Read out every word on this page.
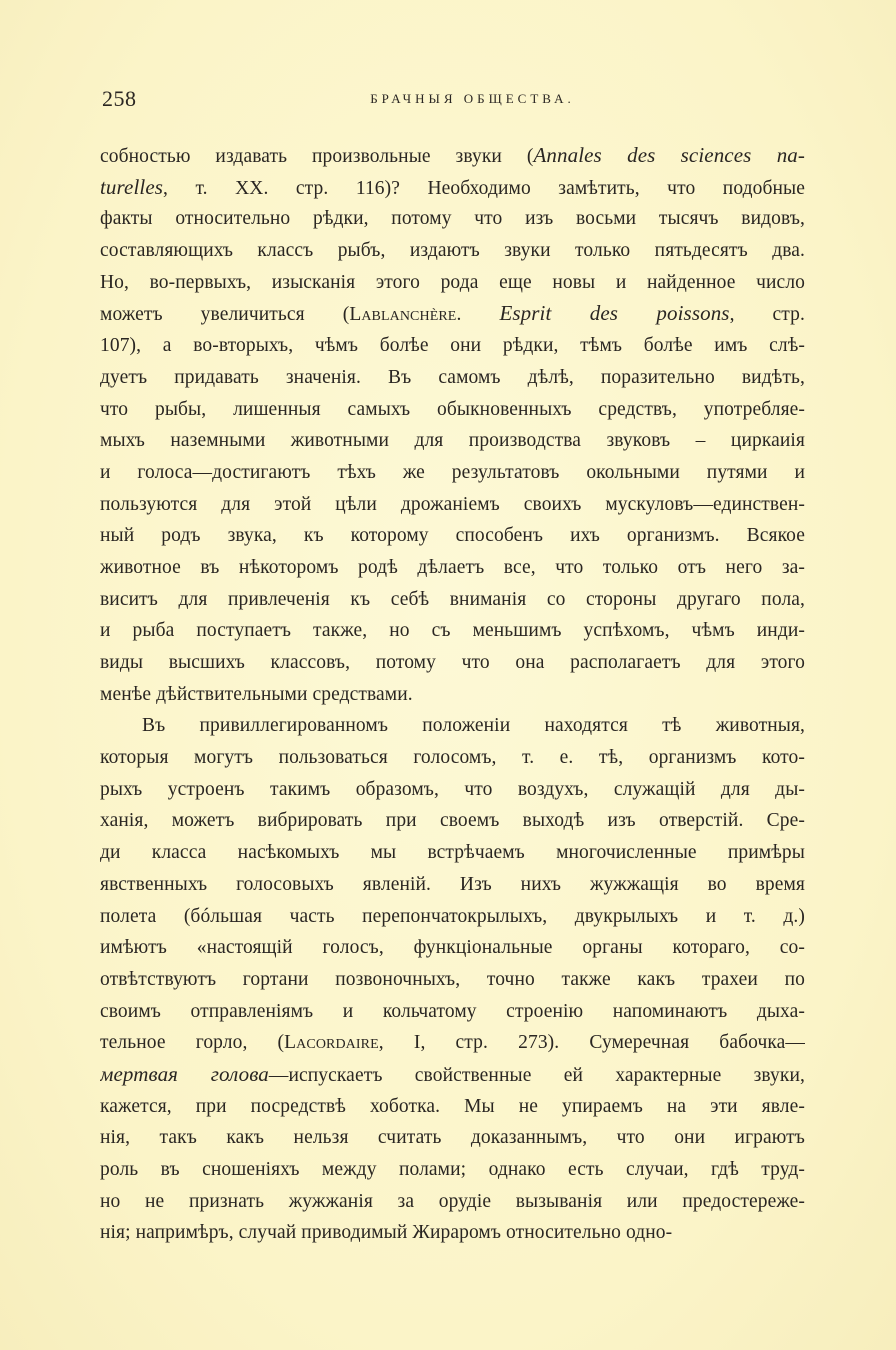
258	БРАЧНЫЯ ОБЩЕСТВА.
собностью издавать произвольные звуки (Annales des sciences na-
turelles, т. XX. стр. 116)? Необходимо замѣтить, что подобные
факты относительно рѣдки, потому что изъ восьми тысячъ видовъ,
составляющихъ классъ рыбъ, издаютъ звуки только пятьдесятъ два.
Но, во-первыхъ, изысканія этого рода еще новы и найденное число
можетъ увеличиться (Lablanchère. Esprit des poissons, стр.
107), а во-вторыхъ, чѣмъ болѣе они рѣдки, тѣмъ болѣе имъ слѣ-
дуетъ придавать значенія. Въ самомъ дѣлѣ, поразительно видѣть,
что рыбы, лишенныя самыхъ обыкновенныхъ средствъ, употребляе-
мыхъ наземными животными для производства звуковъ – циркаиія
и голоса—достигаютъ тѣхъ же результатовъ окольными путями и
пользуются для этой цѣли дрожаніемъ своихъ мускуловъ—единствен-
ный родъ звука, къ которому способенъ ихъ организмъ. Всякое
животное въ нѣкоторомъ родѣ дѣлаетъ все, что только отъ него за-
виситъ для привлеченія къ себѣ вниманія со стороны другаго пола,
и рыба поступаетъ также, но съ меньшимъ успѣхомъ, чѣмъ инди-
виды высшихъ классовъ, потому что она располагаетъ для этого
менѣе дѣйствительными средствами.
Въ привиллегированномъ положеніи находятся тѣ животныя,
которыя могутъ пользоваться голосомъ, т. е. тѣ, организмъ кото-
рыхъ устроенъ такимъ образомъ, что воздухъ, служащій для ды-
ханія, можетъ вибрировать при своемъ выходѣ изъ отверстій. Сре-
ди класса насѣкомыхъ мы встрѣчаемъ многочисленные примѣры
явственныхъ голосовыхъ явленій. Изъ нихъ жужжащія во время
полета (бóльшая часть перепончатокрылыхъ, двукрылыхъ и т. д.)
имѣютъ «настоящій голосъ, функціональные органы котораго, со-
отвѣтствуютъ гортани позвоночныхъ, точно также какъ трахеи по
своимъ отправленіямъ и кольчатому строенію напоминаютъ дыха-
тельное горло, (Lacordaire, I, стр. 273). Сумеречная бабочка—
мертвая голова—испускаетъ свойственные ей характерные звуки,
кажется, при посредствѣ хоботка. Мы не упираемъ на эти явле-
нія, такъ какъ нельзя считать доказаннымъ, что они играютъ
роль въ сношеніяхъ между полами; однако есть случаи, гдѣ труд-
но не признать жужжанія за орудіе вызыванія или предостереже-
нія; напримѣръ, случай приводимый Жираромъ относительно одно-
